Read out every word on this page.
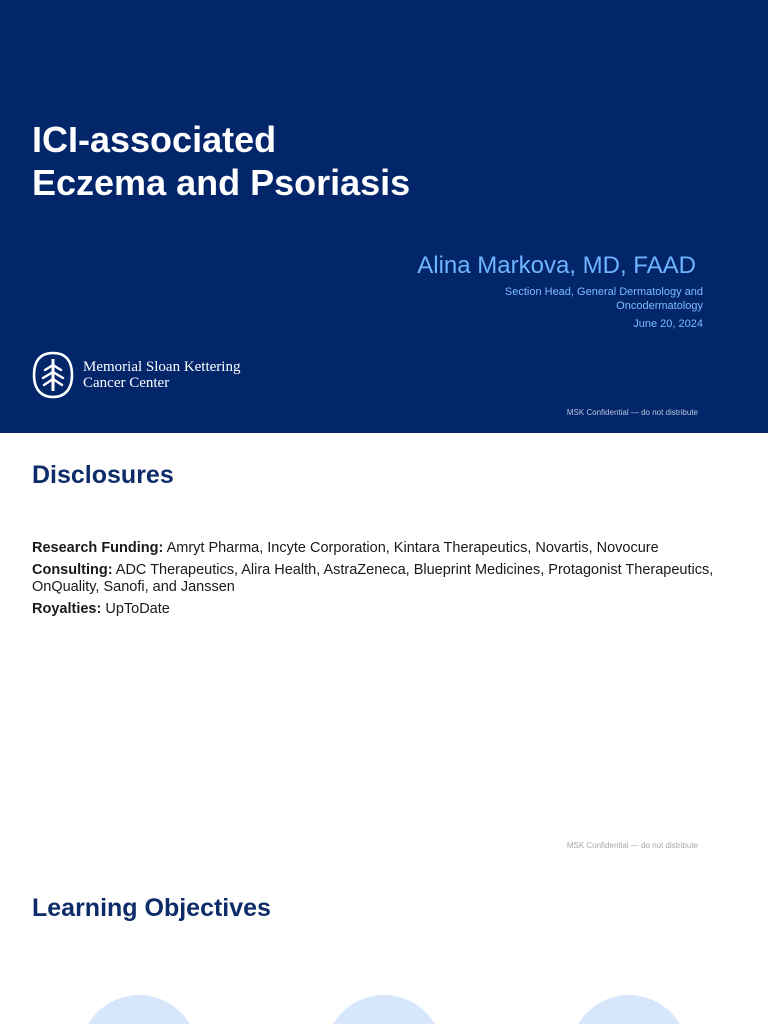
ICI-associated
Eczema and Psoriasis
Alina Markova, MD, FAAD
Section Head, General Dermatology and Oncodermatology
June 20, 2024
Memorial Sloan Kettering
Cancer Center
MSK Confidential — do not distribute
Disclosures
Research Funding: Amryt Pharma, Incyte Corporation, Kintara Therapeutics, Novartis, Novocure
Consulting: ADC Therapeutics, Alira Health, AstraZeneca, Blueprint Medicines, Protagonist Therapeutics, OnQuality, Sanofi, and Janssen
Royalties: UpToDate
MSK Confidential — do not distribute
Learning Objectives
